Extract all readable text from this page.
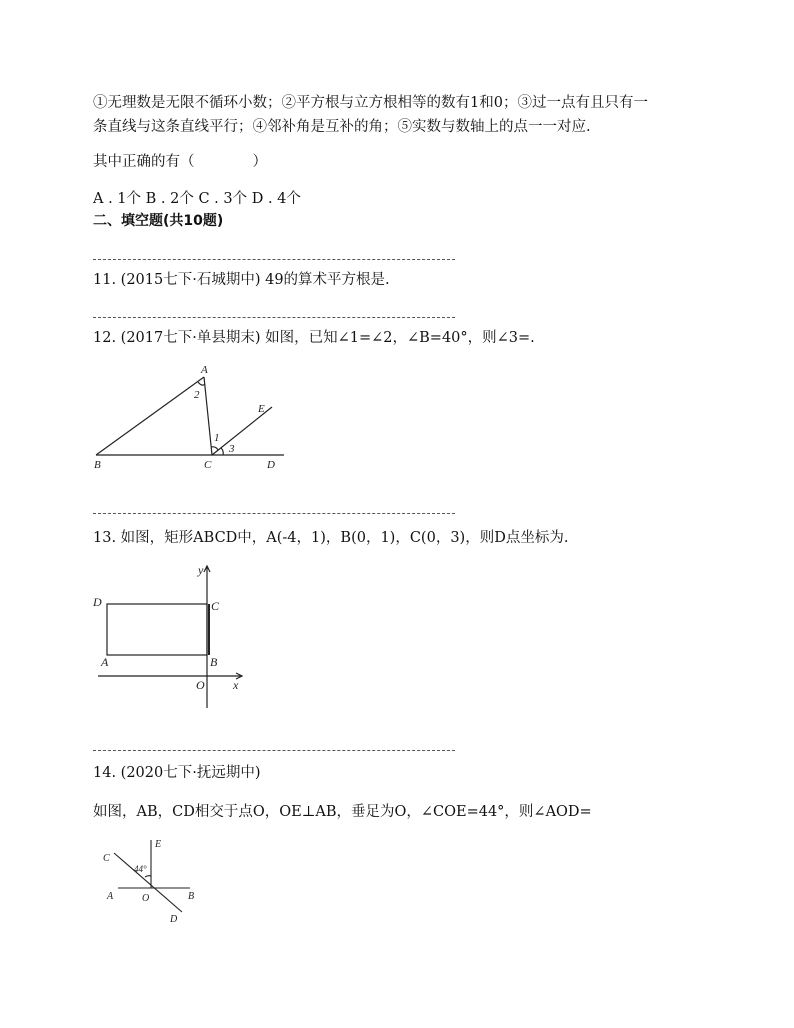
①无理数是无限不循环小数；②平方根与立方根相等的数有1和0；③过一点有且只有一
条直线与这条直线平行；④邻补角是互补的角；⑤实数与数轴上的点一一对应.
其中正确的有（　　　　）
A . 1个 B . 2个 C . 3个 D . 4个
二、填空题(共10题)
11. (2015七下·石城期中) 49的算术平方根是.
12. (2017七下·单县期末) 如图，已知∠1=∠2，∠B=40°，则∠3=.
A
2
E
1
3
B	C	D
13. 如图，矩形ABCD中，A(-4，1)，B(0，1)，C(0，3)，则D点坐标为.
y
D	C
A	B
O x
14. (2020七下·抚远期中)
如图，AB，CD相交于点O，OE⊥AB，垂足为O，∠COE=44°，则∠AOD=
E
C
44°
A	O	B
D
